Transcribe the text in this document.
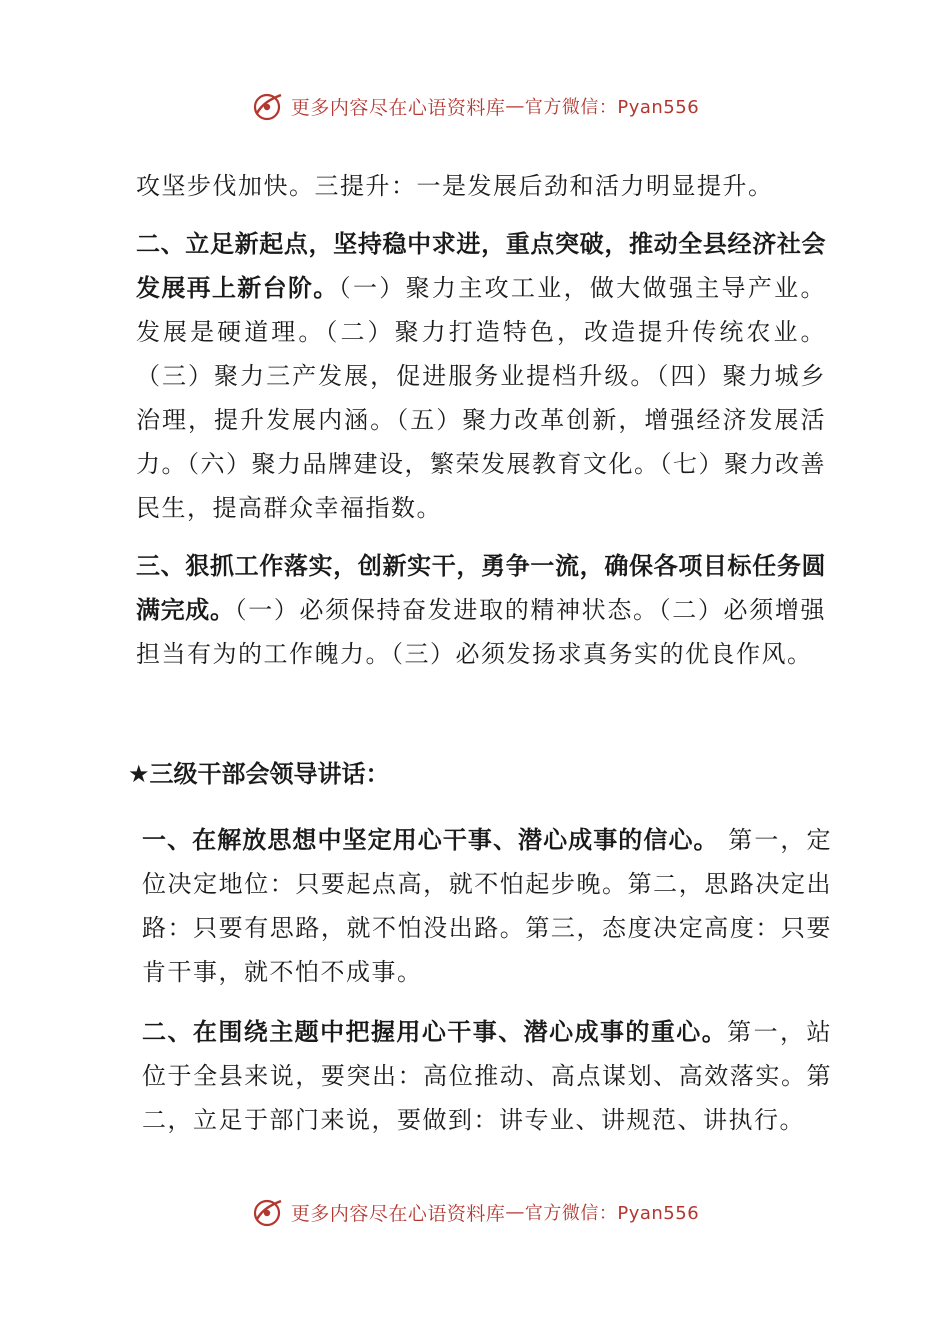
更多内容尽在心语资料库 — 官方微信：Pyan556

攻坚步伐加快。三提升：一是发展后劲和活力明显提升。

二、立足新起点，坚持稳中求进，重点突破，推动全县经济社会发展再上新台阶。（一）聚力主攻工业，做大做强主导产业。发展是硬道理。（二）聚力打造特色，改造提升传统农业。（三）聚力三产发展，促进服务业提档升级。（四）聚力城乡治理，提升发展内涵。（五）聚力改革创新，增强经济发展活力。（六）聚力品牌建设，繁荣发展教育文化。（七）聚力改善民生，提高群众幸福指数。

三、狠抓工作落实，创新实干，勇争一流，确保各项目标任务圆满完成。（一）必须保持奋发进取的精神状态。（二）必须增强担当有为的工作魄力。（三）必须发扬求真务实的优良作风。

★三级干部会领导讲话：

一、在解放思想中坚定用心干事、潜心成事的信心。 第一，定位决定地位：只要起点高，就不怕起步晚。第二，思路决定出路：只要有思路，就不怕没出路。第三，态度决定高度：只要肯干事，就不怕不成事。

二、在围绕主题中把握用心干事、潜心成事的重心。第一，站位于全县来说，要突出：高位推动、高点谋划、高效落实。第二，立足于部门来说，要做到：讲专业、讲规范、讲执行。

更多内容尽在心语资料库 — 官方微信：Pyan556
